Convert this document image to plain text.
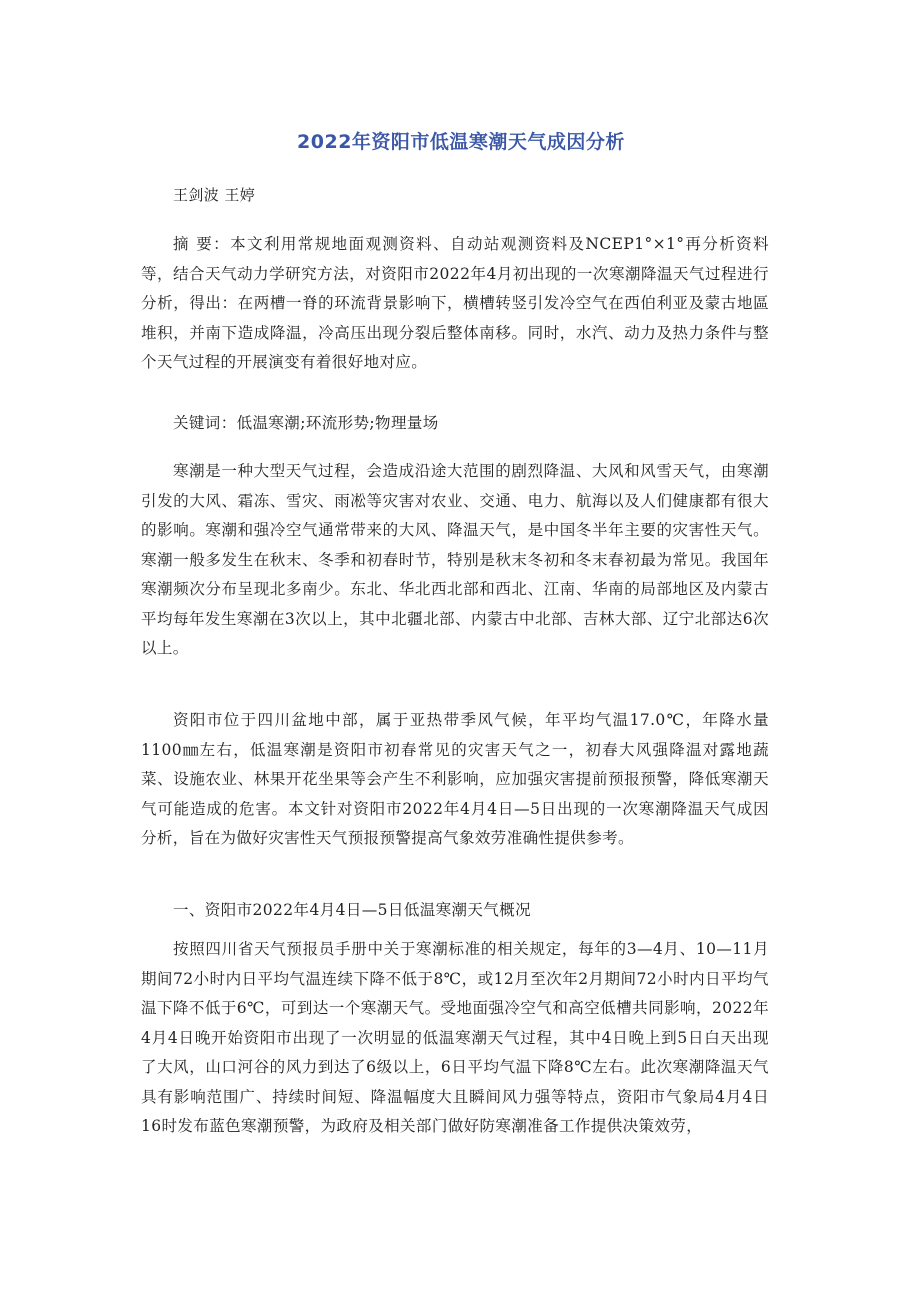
2022年资阳市低温寒潮天气成因分析

王剑波 王婷

摘 要：本文利用常规地面观测资料、自动站观测资料及NCEP1°×1°再分析资料等，结合天气动力学研究方法，对资阳市2022年4月初出现的一次寒潮降温天气过程进行分析，得出：在两槽一脊的环流背景影响下，横槽转竖引发冷空气在西伯利亚及蒙古地區堆积，并南下造成降温，冷高压出现分裂后整体南移。同时，水汽、动力及热力条件与整个天气过程的开展演变有着很好地对应。

关键词：低温寒潮;环流形势;物理量场

寒潮是一种大型天气过程，会造成沿途大范围的剧烈降温、大风和风雪天气，由寒潮引发的大风、霜冻、雪灾、雨凇等灾害对农业、交通、电力、航海以及人们健康都有很大的影响。寒潮和强冷空气通常带来的大风、降温天气，是中国冬半年主要的灾害性天气。寒潮一般多发生在秋末、冬季和初春时节，特别是秋末冬初和冬末春初最为常见。我国年寒潮频次分布呈现北多南少。东北、华北西北部和西北、江南、华南的局部地区及内蒙古平均每年发生寒潮在3次以上，其中北疆北部、内蒙古中北部、吉林大部、辽宁北部达6次以上。

资阳市位于四川盆地中部，属于亚热带季风气候，年平均气温17.0℃，年降水量1100㎜左右，低温寒潮是资阳市初春常见的灾害天气之一，初春大风强降温对露地蔬菜、设施农业、林果开花坐果等会产生不利影响，应加强灾害提前预报预警，降低寒潮天气可能造成的危害。本文针对资阳市2022年4月4日—5日出现的一次寒潮降温天气成因分析，旨在为做好灾害性天气预报预警提高气象效劳准确性提供参考。

一、资阳市2022年4月4日—5日低温寒潮天气概况

按照四川省天气预报员手册中关于寒潮标准的相关规定，每年的3—4月、10—11月期间72小时内日平均气温连续下降不低于8℃，或12月至次年2月期间72小时内日平均气温下降不低于6℃，可到达一个寒潮天气。受地面强冷空气和高空低槽共同影响，2022年4月4日晚开始资阳市出现了一次明显的低温寒潮天气过程，其中4日晚上到5日白天出现了大风，山口河谷的风力到达了6级以上，6日平均气温下降8℃左右。此次寒潮降温天气具有影响范围广、持续时间短、降温幅度大且瞬间风力强等特点，资阳市气象局4月4日16时发布蓝色寒潮预警，为政府及相关部门做好防寒潮准备工作提供决策效劳，
